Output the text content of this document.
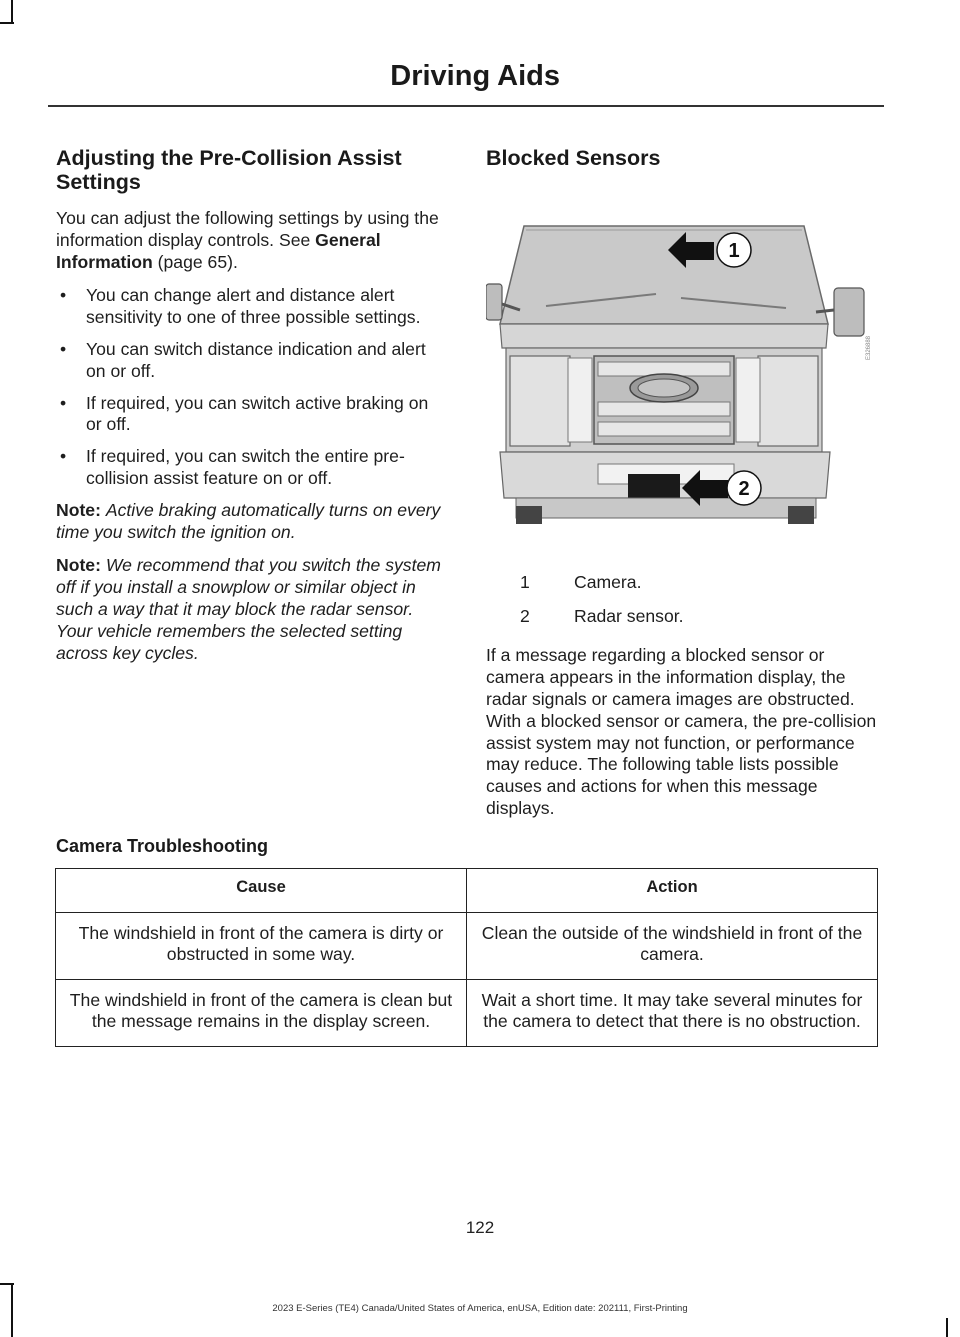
Driving Aids
Adjusting the Pre-Collision Assist Settings

You can adjust the following settings by using the information display controls. See General Information (page 65).

• You can change alert and distance alert sensitivity to one of three possible settings.
• You can switch distance indication and alert on or off.
• If required, you can switch active braking on or off.
• If required, you can switch the entire pre-collision assist feature on or off.

Note: Active braking automatically turns on every time you switch the ignition on.

Note: We recommend that you switch the system off if you install a snowplow or similar object in such a way that it may block the radar sensor. Your vehicle remembers the selected setting across key cycles.

Blocked Sensors
1
2
E326888
1	Camera.
2	Radar sensor.

If a message regarding a blocked sensor or camera appears in the information display, the radar signals or camera images are obstructed. With a blocked sensor or camera, the pre-collision assist system may not function, or performance may reduce. The following table lists possible causes and actions for when this message displays.

Camera Troubleshooting
Cause	Action
The windshield in front of the camera is dirty or obstructed in some way.	Clean the outside of the windshield in front of the camera.
The windshield in front of the camera is clean but the message remains in the display screen.	Wait a short time. It may take several minutes for the camera to detect that there is no obstruction.
122
2023 E-Series (TE4) Canada/United States of America, enUSA, Edition date: 202111, First-Printing
